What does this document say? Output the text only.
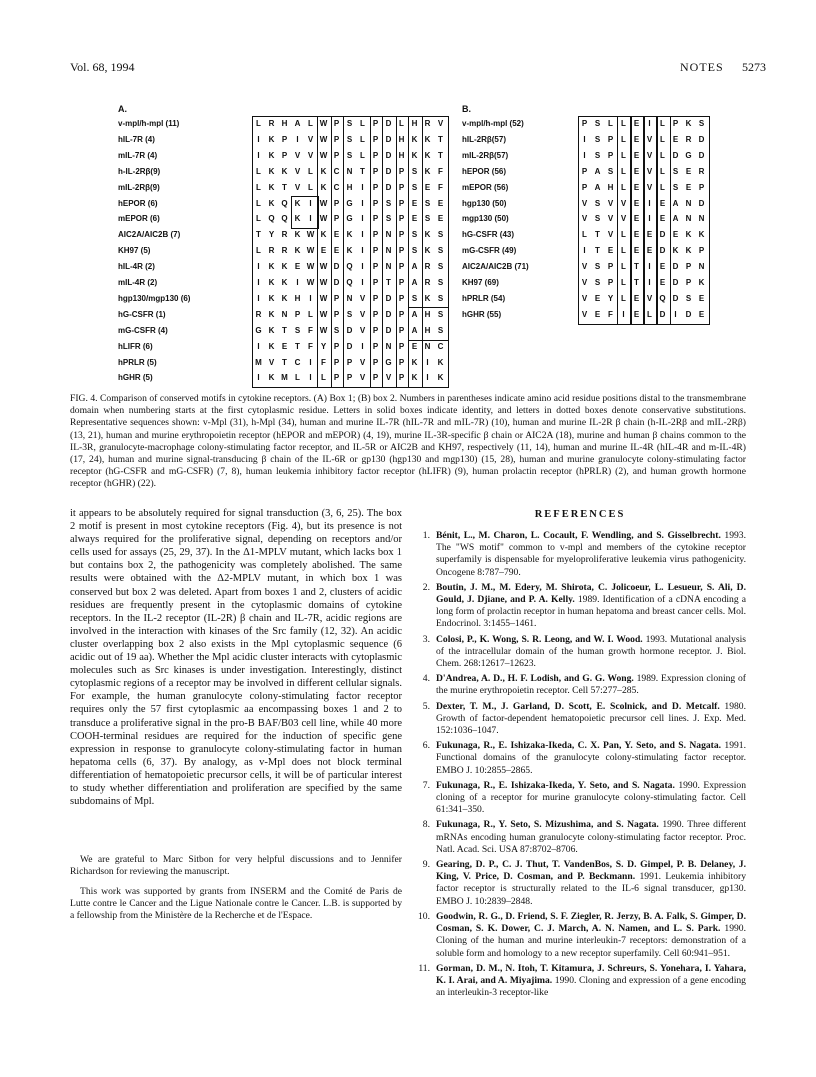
Vol. 68, 1994	NOTES 5273
A.	B.
v-mpl/h-mpl (11)	L R H A L W P S L P D L H R V
hIL-7R (4)	I K P I V W P S L P D H K K T
mIL-7R (4)	I K P V V W P S L P D H K K T
h-IL-2Rβ(9)	L K K V L K C N T P D P S K F
mIL-2Rβ(9)	L K T V L K C H I P D P S E F
hEPOR (6)	L K Q K I W P G I P S P E S E
mEPOR (6)	L Q Q K I W P G I P S P E S E
AIC2A/AIC2B (7)	T Y R K W K E K I P N P S K S
KH97 (5)	L R R K W E E K I P N P S K S
hIL-4R (2)	I K K E W W D Q I P N P A R S
mIL-4R (2)	I K K I W W D Q I P T P A R S
hgp130/mgp130 (6)	I K K H I W P N V P D P S K S
hG-CSFR (1)	R K N P L W P S V P D P A H S
mG-CSFR (4)	G K T S F W S D V P D P A H S
hLIFR (6)	I K E T F Y P D I P N P E N C
hPRLR (5)	M V T C I F P P V P G P K I K
hGHR (5)	I K M L I L P P V P V P K I K
v-mpl/h-mpl (52)	P S L L E I L P K S
hIL-2Rβ(57)	I S P L E V L E R D
mIL-2Rβ(57)	I S P L E V L D G D
hEPOR (56)	P A S L E V L S E R
mEPOR (56)	P A H L E V L S E P
hgp130 (50)	V S V V E I E A N D
mgp130 (50)	V S V V E I E A N N
hG-CSFR (43)	L T V L E E D E K K
mG-CSFR (49)	I T E L E E D K K P
AIC2A/AIC2B (71)	V S P L T I E D P N
KH97 (69)	V S P L T I E D P K
hPRLR (54)	V E Y L E V Q D S E
hGHR (55)	V E F I E L D I D E
FIG. 4. Comparison of conserved motifs in cytokine receptors. (A) Box 1; (B) box 2. Numbers in parentheses indicate amino acid residue positions distal to the transmembrane domain when numbering starts at the first cytoplasmic residue. Letters in solid boxes indicate identity, and letters in dotted boxes denote conservative substitutions. Representative sequences shown: v-Mpl (31), h-Mpl (34), human and murine IL-7R (hIL-7R and mIL-7R) (10), human and murine IL-2R β chain (h-IL-2Rβ and mIL-2Rβ) (13, 21), human and murine erythropoietin receptor (hEPOR and mEPOR) (4, 19), murine IL-3R-specific β chain or AIC2A (18), murine and human β chains common to the IL-3R, granulocyte-macrophage colony-stimulating factor receptor, and IL-5R or AIC2B and KH97, respectively (11, 14), human and murine IL-4R (hIL-4R and m-IL-4R) (17, 24), human and murine signal-transducing β chain of the IL-6R or gp130 (hgp130 and mgp130) (15, 28), human and murine granulocyte colony-stimulating factor receptor (hG-CSFR and mG-CSFR) (7, 8), human leukemia inhibitory factor receptor (hLIFR) (9), human prolactin receptor (hPRLR) (2), and human growth hormone receptor (hGHR) (22).

it appears to be absolutely required for signal transduction (3, 6, 25). The box 2 motif is present in most cytokine receptors (Fig. 4), but its presence is not always required for the proliferative signal, depending on receptors and/or cells used for assays (25, 29, 37). In the Δ1-MPLV mutant, which lacks box 1 but contains box 2, the pathogenicity was completely abolished. The same results were obtained with the Δ2-MPLV mutant, in which box 1 was conserved but box 2 was deleted. Apart from boxes 1 and 2, clusters of acidic residues are frequently present in the cytoplasmic domains of cytokine receptors. In the IL-2 receptor (IL-2R) β chain and IL-7R, acidic regions are involved in the interaction with kinases of the Src family (12, 32). An acidic cluster overlapping box 2 also exists in the Mpl cytoplasmic sequence (6 acidic out of 19 aa). Whether the Mpl acidic cluster interacts with cytoplasmic molecules such as Src kinases is under investigation. Interestingly, distinct cytoplasmic regions of a receptor may be involved in different cellular signals. For example, the human granulocyte colony-stimulating factor receptor requires only the 57 first cytoplasmic aa encompassing boxes 1 and 2 to transduce a proliferative signal in the pro-B BAF/B03 cell line, while 40 more COOH-terminal residues are required for the induction of specific gene expression in response to granulocyte colony-stimulating factor in human hepatoma cells (6, 37). By analogy, as v-Mpl does not block terminal differentiation of hematopoietic precursor cells, it will be of particular interest to study whether differentiation and proliferation are specified by the same subdomains of Mpl.

We are grateful to Marc Sitbon for very helpful discussions and to Jennifer Richardson for reviewing the manuscript.

This work was supported by grants from INSERM and the Comité de Paris de Lutte contre le Cancer and the Ligue Nationale contre le Cancer. L.B. is supported by a fellowship from the Ministère de la Recherche et de l'Espace.

REFERENCES
1. Bénit, L., M. Charon, L. Cocault, F. Wendling, and S. Gisselbrecht. 1993. The "WS motif" common to v-mpl and members of the cytokine receptor superfamily is dispensable for myeloproliferative leukemia virus pathogenicity. Oncogene 8:787–790.
2. Boutin, J. M., M. Edery, M. Shirota, C. Jolicoeur, L. Lesueur, S. Ali, D. Gould, J. Djiane, and P. A. Kelly. 1989. Identification of a cDNA encoding a long form of prolactin receptor in human hepatoma and breast cancer cells. Mol. Endocrinol. 3:1455–1461.
3. Colosi, P., K. Wong, S. R. Leong, and W. I. Wood. 1993. Mutational analysis of the intracellular domain of the human growth hormone receptor. J. Biol. Chem. 268:12617–12623.
4. D'Andrea, A. D., H. F. Lodish, and G. G. Wong. 1989. Expression cloning of the murine erythropoietin receptor. Cell 57:277–285.
5. Dexter, T. M., J. Garland, D. Scott, E. Scolnick, and D. Metcalf. 1980. Growth of factor-dependent hematopoietic precursor cell lines. J. Exp. Med. 152:1036–1047.
6. Fukunaga, R., E. Ishizaka-Ikeda, C. X. Pan, Y. Seto, and S. Nagata. 1991. Functional domains of the granulocyte colony-stimulating factor receptor. EMBO J. 10:2855–2865.
7. Fukunaga, R., E. Ishizaka-Ikeda, Y. Seto, and S. Nagata. 1990. Expression cloning of a receptor for murine granulocyte colony-stimulating factor. Cell 61:341–350.
8. Fukunaga, R., Y. Seto, S. Mizushima, and S. Nagata. 1990. Three different mRNAs encoding human granulocyte colony-stimulating factor receptor. Proc. Natl. Acad. Sci. USA 87:8702–8706.
9. Gearing, D. P., C. J. Thut, T. VandenBos, S. D. Gimpel, P. B. Delaney, J. King, V. Price, D. Cosman, and P. Beckmann. 1991. Leukemia inhibitory factor receptor is structurally related to the IL-6 signal transducer, gp130. EMBO J. 10:2839–2848.
10. Goodwin, R. G., D. Friend, S. F. Ziegler, R. Jerzy, B. A. Falk, S. Gimper, D. Cosman, S. K. Dower, C. J. March, A. N. Namen, and L. S. Park. 1990. Cloning of the human and murine interleukin-7 receptors: demonstration of a soluble form and homology to a new receptor superfamily. Cell 60:941–951.
11. Gorman, D. M., N. Itoh, T. Kitamura, J. Schreurs, S. Yonehara, I. Yahara, K. I. Arai, and A. Miyajima. 1990. Cloning and expression of a gene encoding an interleukin-3 receptor-like
